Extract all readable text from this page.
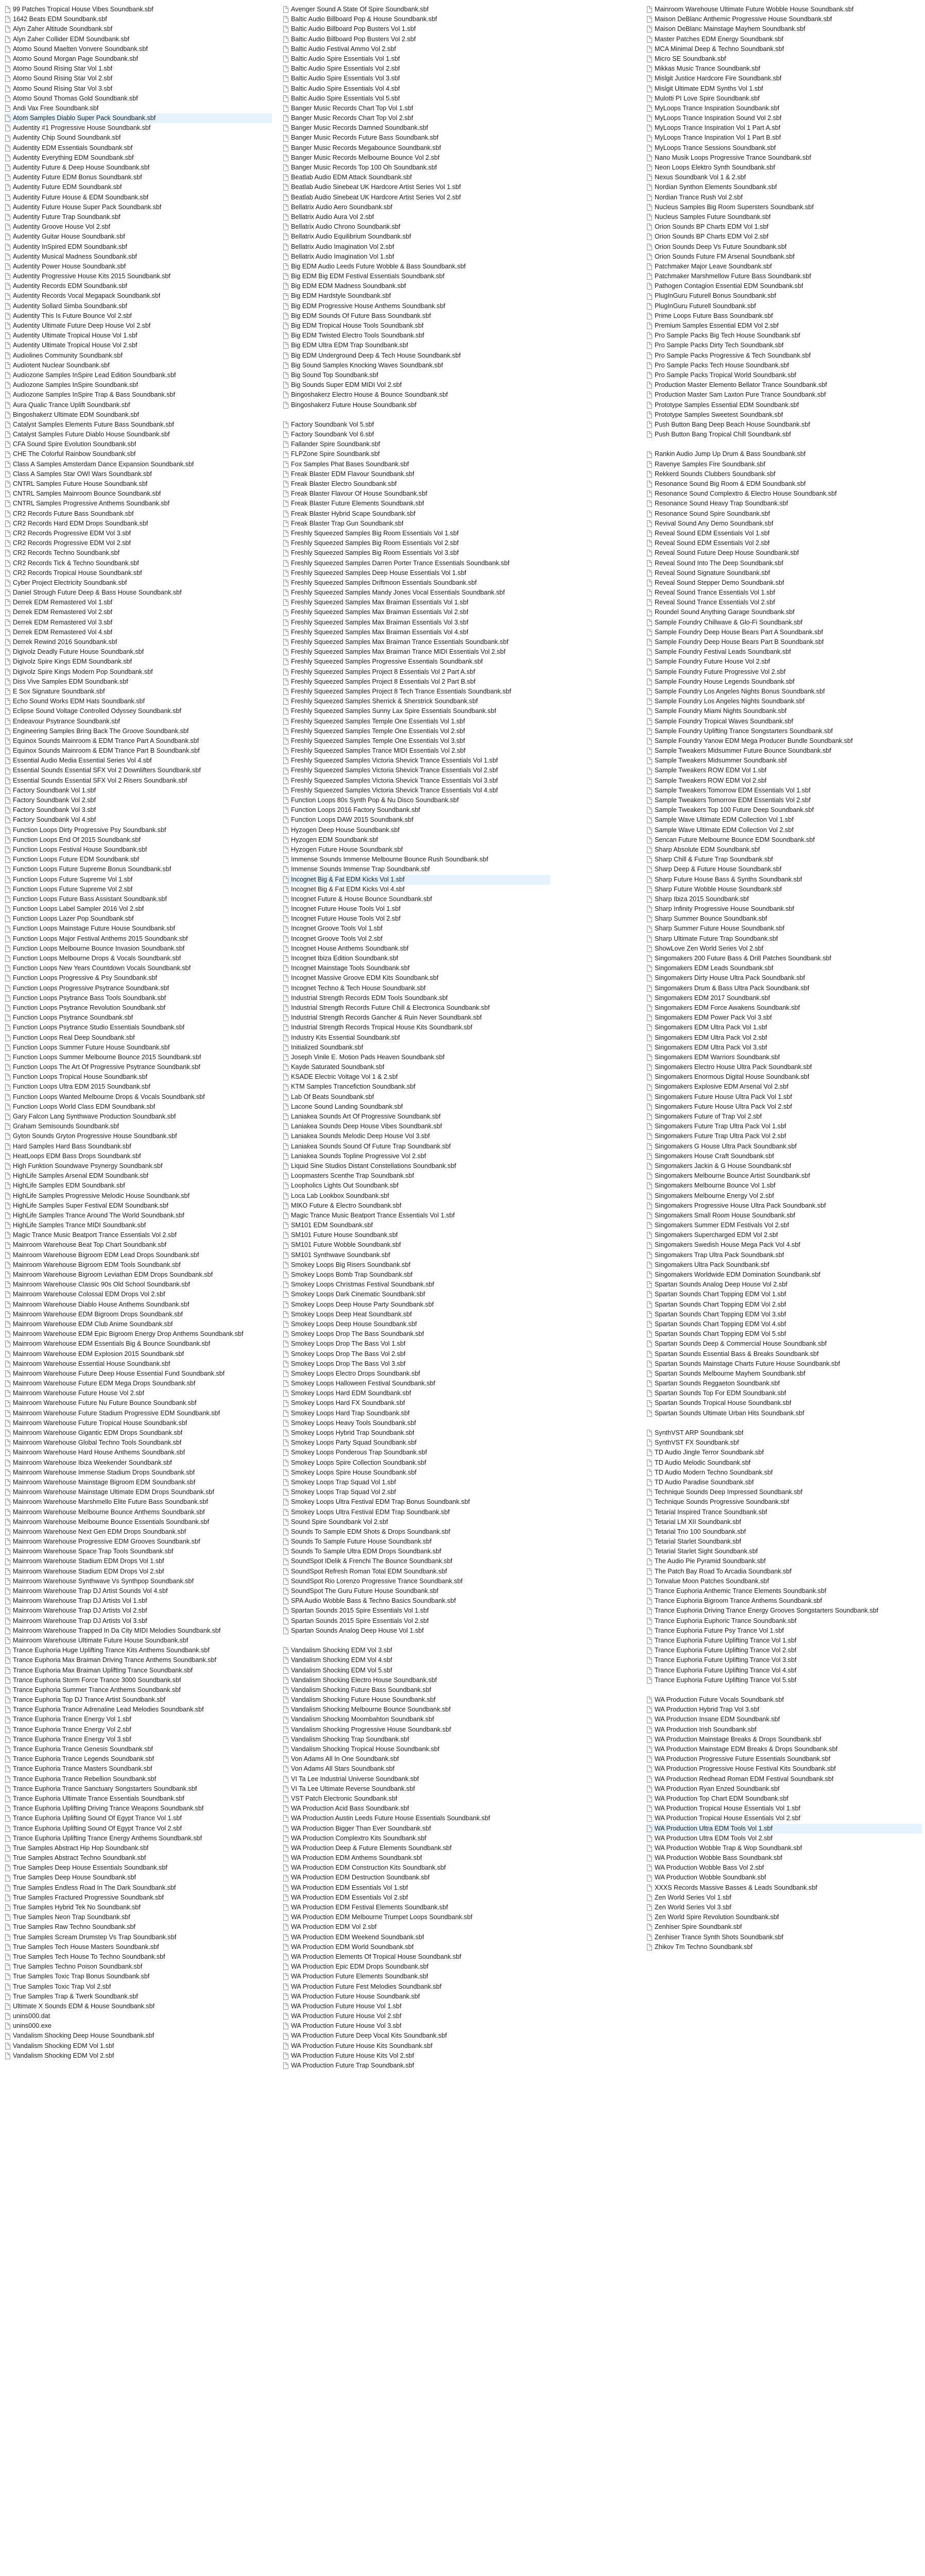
99 Patches Tropical House Vibes Soundbank.sbf
1642 Beats EDM Soundbank.sbf
Alyn Zaher Altitude Soundbank.sbf
Alyn Zaher Collider EDM Soundbank.sbf
Atomo Sound Maelten Vonvere Soundbank.sbf
Atomo Sound Morgan Page Soundbank.sbf
Atomo Sound Rising Star Vol 1.sbf
Atomo Sound Rising Star Vol 2.sbf
Atomo Sound Rising Star Vol 3.sbf
Atomo Sound Thomas Gold Soundbank.sbf
Andi Vax Free Soundbank.sbf
Atom Samples Diablo Super Pack Soundbank.sbf
Audentity #1 Progressive House Soundbank.sbf
Audentity Chip Sound Soundbank.sbf
Audentity EDM Essentials Soundbank.sbf
Audentity Everything EDM Soundbank.sbf
Audentity Future & Deep House Soundbank.sbf
Audentity Future EDM Bonus Soundbank.sbf
Audentity Future EDM Soundbank.sbf
Audentity Future House & EDM Soundbank.sbf
Audentity Future House Super Pack Soundbank.sbf
Audentity Future Trap Soundbank.sbf
Audentity Groove House Vol 2.sbf
Audentity Guitar House Soundbank.sbf
Audentity InSpired EDM Soundbank.sbf
Audentity Musical Madness Soundbank.sbf
Audentity Power House Soundbank.sbf
Audentity Progressive House Kits 2015 Soundbank.sbf
Audentity Records EDM Soundbank.sbf
Audentity Records Vocal Megapack Soundbank.sbf
Audentity Sollard Simba Soundbank.sbf
Audentity This Is Future Bounce Vol 2.sbf
Audentity Ultimate Future Deep House Vol 2.sbf
Audentity Ultimate Tropical House Vol 1.sbf
Audentity Ultimate Tropical House Vol 2.sbf
Audiolines Community Soundbank.sbf
Audiotent Nuclear Soundbank.sbf
Audiozone Samples InSpire Lead Edition Soundbank.sbf
Audiozone Samples InSpire Soundbank.sbf
Audiozone Samples InSpire Trap & Bass Soundbank.sbf
Aura Qualic Trance Uplift Soundbank.sbf
Bingoshakerz Ultimate EDM Soundbank.sbf
Catalyst Samples Elements Future Bass Soundbank.sbf
Catalyst Samples Future Diablo House Soundbank.sbf
CFA Sound Spire Evolution Soundbank.sbf
CHE The Colorful Rainbow Soundbank.sbf
Class A Samples Amsterdam Dance Expansion Soundbank.sbf
Class A Samples Star OWI Wars Soundbank.sbf
CNTRL Samples Future House Soundbank.sbf
CNTRL Samples Mainroom Bounce Soundbank.sbf
CNTRL Samples Progressive Anthems Soundbank.sbf
CR2 Records Future Bass Soundbank.sbf
CR2 Records Hard EDM Drops Soundbank.sbf
CR2 Records Progressive EDM Vol 3.sbf
CR2 Records Progressive EDM Vol 2.sbf
CR2 Records Techno Soundbank.sbf
CR2 Records Tick & Techno Soundbank.sbf
CR2 Records Tropical House Soundbank.sbf
Cyber Project Electricity Soundbank.sbf
Daniel Strough Future Deep & Bass House Soundbank.sbf
Derrek EDM Remastered Vol 1.sbf
Derrek EDM Remastered Vol 2.sbf
Derrek EDM Remastered Vol 3.sbf
Derrek EDM Remastered Vol 4.sbf
Derrek Rewind 2016 Soundbank.sbf
Digivolz Deadly Future House Soundbank.sbf
Digivolz Spire Kings EDM Soundbank.sbf
Digivolz Spire Kings Modern Pop Soundbank.sbf
Diss Vive Samples EDM Soundbank.sbf
E Sox Signature Soundbank.sbf
Echo Sound Works EDM Hats Soundbank.sbf
Eclipse Sound Voltage Controlled Odyssey Soundbank.sbf
Endeavour Psytrance Soundbank.sbf
Engineering Samples Bring Back The Groove Soundbank.sbf
Equinox Sounds Mainroom & EDM Trance Part A Soundbank.sbf
Equinox Sounds Mainroom & EDM Trance Part B Soundbank.sbf
Essential Audio Media Essential Series Vol 4.sbf
Essential Sounds Essential SFX Vol 2 Downlifters Soundbank.sbf
Essential Sounds Essential SFX Vol 2 Risers Soundbank.sbf
Factory Soundbank Vol 1.sbf
Factory Soundbank Vol 2.sbf
Factory Soundbank Vol 3.sbf
Factory Soundbank Vol 4.sbf
Function Loops Dirty Progressive Psy Soundbank.sbf
Function Loops End Of 2015 Soundbank.sbf
Function Loops Festival House Soundbank.sbf
Function Loops Future EDM Soundbank.sbf
Function Loops Future Supreme Bonus Soundbank.sbf
Function Loops Future Supreme Vol 1.sbf
Function Loops Future Supreme Vol 2.sbf
Function Loops Future Bass Assistant Soundbank.sbf
Function Loops Label Sampler 2016 Vol 2.sbf
Function Loops Lazer Pop Soundbank.sbf
Function Loops Mainstage Future House Soundbank.sbf
Function Loops Major Festival Anthems 2015 Soundbank.sbf
Function Loops Melbourne Bounce Invasion Soundbank.sbf
Function Loops Melbourne Drops & Vocals Soundbank.sbf
Function Loops New Years Countdown Vocals Soundbank.sbf
Function Loops Progressive & Psy Soundbank.sbf
Function Loops Progressive Psytrance Soundbank.sbf
Function Loops Psytrance Bass Tools Soundbank.sbf
Function Loops Psytrance Revolution Soundbank.sbf
Function Loops Psytrance Soundbank.sbf
Function Loops Psytrance Studio Essentials Soundbank.sbf
Function Loops Real Deep Soundbank.sbf
Function Loops Summer Future House Soundbank.sbf
Function Loops Summer Melbourne Bounce 2015 Soundbank.sbf
Function Loops The Art Of Progressive Psytrance Soundbank.sbf
Function Loops Tropical House Soundbank.sbf
Function Loops Ultra EDM 2015 Soundbank.sbf
Function Loops Wanted Melbourne Drops & Vocals Soundbank.sbf
Function Loops World Class EDM Soundbank.sbf
Gary Falcon Lang Synthwave Production Soundbank.sbf
Graham Semisounds Soundbank.sbf
Gyton Sounds Gryton Progressive House Soundbank.sbf
Hard Samples Hard Bass Soundbank.sbf
HeatLoops EDM Bass Drops Soundbank.sbf
High Funktion Soundwave Psynergy Soundbank.sbf
HighLife Samples Arsenal EDM Soundbank.sbf
HighLife Samples EDM Soundbank.sbf
HighLife Samples Progressive Melodic House Soundbank.sbf
HighLife Samples Super Festival EDM Soundbank.sbf
HighLife Samples Trance Around The World Soundbank.sbf
HighLife Samples Trance MIDI Soundbank.sbf
Magic Trance Music Beatport Trance Essentials Vol 2.sbf
Mainroom Warehouse Beat Top Chart Soundbank.sbf
Mainroom Warehouse Bigroom EDM Lead Drops Soundbank.sbf
Mainroom Warehouse Bigroom EDM Tools Soundbank.sbf
Mainroom Warehouse Bigroom Leviathan EDM Drops Soundbank.sbf
Mainroom Warehouse Classic 90s Old School Soundbank.sbf
Mainroom Warehouse Colossal EDM Drops Vol 2.sbf
Mainroom Warehouse Diablo House Anthems Soundbank.sbf
Mainroom Warehouse EDM Bigroom Drops Soundbank.sbf
Mainroom Warehouse EDM Club Anime Soundbank.sbf
Mainroom Warehouse EDM Epic Bigroom Energy Drop Anthems Soundbank.sbf
Mainroom Warehouse EDM Essentials Big & Bounce Soundbank.sbf
Mainroom Warehouse EDM Explosion 2015 Soundbank.sbf
Mainroom Warehouse Essential House Soundbank.sbf
Mainroom Warehouse Future Deep House Essential Fund Soundbank.sbf
Mainroom Warehouse Future EDM Mega Drops Soundbank.sbf
Mainroom Warehouse Future House Vol 2.sbf
Mainroom Warehouse Future Nu Future Bounce Soundbank.sbf
Mainroom Warehouse Future Stadium Progressive EDM Soundbank.sbf
Mainroom Warehouse Future Tropical House Soundbank.sbf
Mainroom Warehouse Gigantic EDM Drops Soundbank.sbf
Mainroom Warehouse Global Techno Tools Soundbank.sbf
Mainroom Warehouse Hard House Anthems Soundbank.sbf
Mainroom Warehouse Ibiza Weekender Soundbank.sbf
Mainroom Warehouse Immense Stadium Drops Soundbank.sbf
Mainroom Warehouse Mainstage Bigroom EDM Soundbank.sbf
Mainroom Warehouse Mainstage Ultimate EDM Drops Soundbank.sbf
Mainroom Warehouse Marshmello Elite Future Bass Soundbank.sbf
Mainroom Warehouse Melbourne Bounce Anthems Soundbank.sbf
Mainroom Warehouse Melbourne Bounce Essentials Soundbank.sbf
Mainroom Warehouse Next Gen EDM Drops Soundbank.sbf
Mainroom Warehouse Progressive EDM Grooves Soundbank.sbf
Mainroom Warehouse Space Trap Tools Soundbank.sbf
Mainroom Warehouse Stadium EDM Drops Vol 1.sbf
Mainroom Warehouse Stadium EDM Drops Vol 2.sbf
Mainroom Warehouse Synthwave Vs Synthpop Soundbank.sbf
Mainroom Warehouse Trap DJ Artist Sounds Vol 4.sbf
Mainroom Warehouse Trap DJ Artists Vol 1.sbf
Mainroom Warehouse Trap DJ Artists Vol 2.sbf
Mainroom Warehouse Trap DJ Artists Vol 3.sbf
Mainroom Warehouse Trapped In Da City MIDI Melodies Soundbank.sbf
Mainroom Warehouse Ultimate Future House Soundbank.sbf
Trance Euphoria Huge Uplifting Trance Kits Anthems Soundbank.sbf
Trance Euphoria Max Braiman Driving Trance Anthems Soundbank.sbf
Trance Euphoria Max Braiman Uplifting Trance Soundbank.sbf
Trance Euphoria Storm Force Trance 3000 Soundbank.sbf
Trance Euphoria Summer Trance Anthems Soundbank.sbf
Trance Euphoria Top DJ Trance Artist Soundbank.sbf
Trance Euphoria Trance Adrenaline Lead Melodies Soundbank.sbf
Trance Euphoria Trance Energy Vol 1.sbf
Trance Euphoria Trance Energy Vol 2.sbf
Trance Euphoria Trance Energy Vol 3.sbf
Trance Euphoria Trance Genesis Soundbank.sbf
Trance Euphoria Trance Legends Soundbank.sbf
Trance Euphoria Trance Masters Soundbank.sbf
Trance Euphoria Trance Rebellion Soundbank.sbf
Trance Euphoria Trance Sanctuary Songstarters Soundbank.sbf
Trance Euphoria Ultimate Trance Essentials Soundbank.sbf
Trance Euphoria Uplifting Driving Trance Weapons Soundbank.sbf
Trance Euphoria Uplifting Sound Of Egypt Trance Vol 1.sbf
Trance Euphoria Uplifting Sound Of Egypt Trance Vol 2.sbf
Trance Euphoria Uplifting Trance Energy Anthems Soundbank.sbf
True Samples Abstract Hip Hop Soundbank.sbf
True Samples Abstract Techno Soundbank.sbf
True Samples Deep House Essentials Soundbank.sbf
True Samples Deep House Soundbank.sbf
True Samples Endless Road In The Dark Soundbank.sbf
True Samples Fractured Progressive Soundbank.sbf
True Samples Hybrid Tek No Soundbank.sbf
True Samples Neon Trap Soundbank.sbf
True Samples Raw Techno Soundbank.sbf
True Samples Scream Drumstep Vs Trap Soundbank.sbf
True Samples Tech House Masters Soundbank.sbf
True Samples Tech House To Techno Soundbank.sbf
True Samples Techno Poison Soundbank.sbf
True Samples Toxic Trap Bonus Soundbank.sbf
True Samples Toxic Trap Vol 2.sbf
True Samples Trap & Twerk Soundbank.sbf
Ultimate X Sounds EDM & House Soundbank.sbf
unins000.dat
unins000.exe
Vandalism Shocking Deep House Soundbank.sbf
Vandalism Shocking EDM Vol 1.sbf
Vandalism Shocking EDM Vol 2.sbf
Avenger Sound A State Of Spire Soundbank.sbf
Baltic Audio Billboard Pop & House Soundbank.sbf
Baltic Audio Billboard Pop Busters Vol 1.sbf
Baltic Audio Billboard Pop Busters Vol 2.sbf
Baltic Audio Festival Ammo Vol 2.sbf
Baltic Audio Spire Essentials Vol 1.sbf
Baltic Audio Spire Essentials Vol 2.sbf
Baltic Audio Spire Essentials Vol 3.sbf
Baltic Audio Spire Essentials Vol 4.sbf
Baltic Audio Spire Essentials Vol 5.sbf
Banger Music Records Chart Top Vol 1.sbf
Banger Music Records Chart Top Vol 2.sbf
Banger Music Records Damned Soundbank.sbf
Banger Music Records Future Bass Soundbank.sbf
Banger Music Records Megabounce Soundbank.sbf
Banger Music Records Melbourne Bounce Vol 2.sbf
Banger Music Records Top 100 Oh Soundbank.sbf
Beatlab Audio EDM Attack Soundbank.sbf
Beatlab Audio Sinebeat UK Hardcore Artist Series Vol 1.sbf
Beatlab Audio Sinebeat UK Hardcore Artist Series Vol 2.sbf
Bellatrix Audio Aero Soundbank.sbf
Bellatrix Audio Aura Vol 2.sbf
Bellatrix Audio Chrono Soundbank.sbf
Bellatrix Audio Equilibrium Soundbank.sbf
Bellatrix Audio Imagination Vol 2.sbf
Bellatrix Audio Imagination Vol 1.sbf
Big EDM Audio Leeds Future Wobble & Bass Soundbank.sbf
Big EDM Big EDM Festival Essentials Soundbank.sbf
Big EDM EDM Madness Soundbank.sbf
Big EDM Hardstyle Soundbank.sbf
Big EDM Progressive House Anthems Soundbank.sbf
Big EDM Sounds Of Future Bass Soundbank.sbf
Big EDM Tropical House Tools Soundbank.sbf
Big EDM Twisted Electro Tools Soundbank.sbf
Big EDM Ultra EDM Trap Soundbank.sbf
Big EDM Underground Deep & Tech House Soundbank.sbf
Big Sound Samples Knocking Waves Soundbank.sbf
Big Sound Top Soundbank.sbf
Big Sounds Super EDM MIDI Vol 2.sbf
Bingoshakerz Electro House & Bounce Soundbank.sbf
Bingoshakerz Future House Soundbank.sbf
Factory Soundbank Vol 5.sbf
Factory Soundbank Vol 6.sbf
Fallander Spire Soundbank.sbf
FLPZone Spire Soundbank.sbf
Fox Samples Phat Bases Soundbank.sbf
Freak Blaster EDM Flavour Soundbank.sbf
Freak Blaster Electro Soundbank.sbf
Freak Blaster Flavour Of House Soundbank.sbf
Freak Blaster Future Elements Soundbank.sbf
Freak Blaster Hybrid Scape Soundbank.sbf
Freak Blaster Trap Gun Soundbank.sbf
Freshly Squeezed Samples Big Room Essentials Vol 1.sbf
Freshly Squeezed Samples Big Room Essentials Vol 2.sbf
Freshly Squeezed Samples Big Room Essentials Vol 3.sbf
Freshly Squeezed Samples Darren Porter Trance Essentials Soundbank.sbf
Freshly Squeezed Samples Deep House Essentials Vol 1.sbf
Freshly Squeezed Samples Driftmoon Essentials Soundbank.sbf
Freshly Squeezed Samples Mandy Jones Vocal Essentials Soundbank.sbf
Freshly Squeezed Samples Max Braiman Essentials Vol 1.sbf
Freshly Squeezed Samples Max Braiman Essentials Vol 2.sbf
Freshly Squeezed Samples Max Braiman Essentials Vol 3.sbf
Freshly Squeezed Samples Max Braiman Essentials Vol 4.sbf
Freshly Squeezed Samples Max Braiman Trance Essentials Soundbank.sbf
Freshly Squeezed Samples Max Braiman Trance MIDI Essentials Vol 2.sbf
Freshly Squeezed Samples Progressive Essentials Soundbank.sbf
Freshly Squeezed Samples Project 8 Essentials Vol 2 Part A.sbf
Freshly Squeezed Samples Project 8 Essentials Vol 2 Part B.sbf
Freshly Squeezed Samples Project 8 Tech Trance Essentials Soundbank.sbf
Freshly Squeezed Samples Sherrick & Sherstrick Soundbank.sbf
Freshly Squeezed Samples Sunny Lax Spire Essentials Soundbank.sbf
Freshly Squeezed Samples Temple One Essentials Vol 1.sbf
Freshly Squeezed Samples Temple One Essentials Vol 2.sbf
Freshly Squeezed Samples Temple One Essentials Vol 3.sbf
Freshly Squeezed Samples Trance MIDI Essentials Vol 2.sbf
Freshly Squeezed Samples Victoria Shevick Trance Essentials Vol 1.sbf
Freshly Squeezed Samples Victoria Shevick Trance Essentials Vol 2.sbf
Freshly Squeezed Samples Victoria Shevick Trance Essentials Vol 3.sbf
Freshly Squeezed Samples Victoria Shevick Trance Essentials Vol 4.sbf
Function Loops 80s Synth Pop & Nu Disco Soundbank.sbf
Function Loops 2016 Factory Soundbank.sbf
Function Loops DAW 2015 Soundbank.sbf
Hyzogen Deep House Soundbank.sbf
Hyzogen EDM Soundbank.sbf
Hyzogen Future House Soundbank.sbf
Immense Sounds Immense Melbourne Bounce Rush Soundbank.sbf
Immense Sounds Immense Trap Soundbank.sbf
Incognet Big & Fat EDM Kicks Vol 1.sbf
Incognet Big & Fat EDM Kicks Vol 4.sbf
Incognet Future & House Bounce Soundbank.sbf
Incognet Future House Tools Vol 1.sbf
Incognet Future House Tools Vol 2.sbf
Incognet Groove Tools Vol 1.sbf
Incognet Groove Tools Vol 2.sbf
Incognet House Anthems Soundbank.sbf
Incognet Ibiza Edition Soundbank.sbf
Incognet Mainstage Tools Soundbank.sbf
Incognet Massive Groove EDM Kits Soundbank.sbf
Incognet Techno & Tech House Soundbank.sbf
Industrial Strength Records EDM Tools Soundbank.sbf
Industrial Strength Records Future Chill & Electronica Soundbank.sbf
Industrial Strength Records Gancher & Ruin Never Soundbank.sbf
Industrial Strength Records Tropical House Kits Soundbank.sbf
Industry Kits Essential Soundbank.sbf
Initialized Soundbank.sbf
Joseph Vinile E. Motion Pads Heaven Soundbank.sbf
Kayde Saturated Soundbank.sbf
KSADE Electric Voltage Vol 1 & 2.sbf
KTM Samples Trancefiction Soundbank.sbf
Lab Of Beats Soundbank.sbf
Lacone Sound Landing Soundbank.sbf
Laniakea Sounds Art Of Progressive Soundbank.sbf
Laniakea Sounds Deep House Vibes Soundbank.sbf
Laniakea Sounds Melodic Deep House Vol 3.sbf
Laniakea Sounds Sound Of Future Trap Soundbank.sbf
Laniakea Sounds Topline Progressive Vol 2.sbf
Liquid Sine Studios Distant Constellations Soundbank.sbf
Loopmasters Scenthe Trap Soundbank.sbf
Loopholics Lights Out Soundbank.sbf
Loca Lab Lookbox Soundbank.sbf
MIKO Future & Electro Soundbank.sbf
Magic Trance Music Beatport Trance Essentials Vol 1.sbf
SM101 EDM Soundbank.sbf
SM101 Future House Soundbank.sbf
SM101 Future Wobble Soundbank.sbf
SM101 Synthwave Soundbank.sbf
Smokey Loops Big Risers Soundbank.sbf
Smokey Loops Bomb Trap Soundbank.sbf
Smokey Loops Christmas Festival Soundbank.sbf
Smokey Loops Dark Cinematic Soundbank.sbf
Smokey Loops Deep House Party Soundbank.sbf
Smokey Loops Deep Heat Soundbank.sbf
Smokey Loops Deep House Soundbank.sbf
Smokey Loops Drop The Bass Soundbank.sbf
Smokey Loops Drop The Bass Vol 1.sbf
Smokey Loops Drop The Bass Vol 2.sbf
Smokey Loops Drop The Bass Vol 3.sbf
Smokey Loops Electro Drops Soundbank.sbf
Smokey Loops Halloween Festival Soundbank.sbf
Smokey Loops Hard EDM Soundbank.sbf
Smokey Loops Hard FX Soundbank.sbf
Smokey Loops Hard Trap Soundbank.sbf
Smokey Loops Heavy Tools Soundbank.sbf
Smokey Loops Hybrid Trap Soundbank.sbf
Smokey Loops Party Squad Soundbank.sbf
Smokey Loops Ponderous Trap Soundbank.sbf
Smokey Loops Spire Collection Soundbank.sbf
Smokey Loops Spire House Soundbank.sbf
Smokey Loops Trap Squad Vol 1.sbf
Smokey Loops Trap Squad Vol 2.sbf
Smokey Loops Ultra Festival EDM Trap Bonus Soundbank.sbf
Smokey Loops Ultra Festival EDM Trap Soundbank.sbf
Sound Spire Soundbank Vol 2.sbf
Sounds To Sample EDM Shots & Drops Soundbank.sbf
Sounds To Sample Future House Soundbank.sbf
Sounds To Sample Ultra EDM Drops Soundbank.sbf
SoundSpot IDelik & Frenchi The Bounce Soundbank.sbf
SoundSpot Refresh Roman Total EDM Soundbank.sbf
SoundSpot Rio Lorenzo Progressive Trance Soundbank.sbf
SoundSpot The Guru Future House Soundbank.sbf
SPA Audio Wobble Bass & Techno Basics Soundbank.sbf
Spartan Sounds 2015 Spire Essentials Vol 1.sbf
Spartan Sounds 2015 Spire Essentials Vol 2.sbf
Spartan Sounds Analog Deep House Vol 1.sbf
Vandalism Shocking EDM Vol 3.sbf
Vandalism Shocking EDM Vol 4.sbf
Vandalism Shocking EDM Vol 5.sbf
Vandalism Shocking Electro House Soundbank.sbf
Vandalism Shocking Future Bass Soundbank.sbf
Vandalism Shocking Future House Soundbank.sbf
Vandalism Shocking Melbourne Bounce Soundbank.sbf
Vandalism Shocking Moombahton Soundbank.sbf
Vandalism Shocking Progressive House Soundbank.sbf
Vandalism Shocking Trap Soundbank.sbf
Vandalism Shocking Tropical House Soundbank.sbf
Von Adams All In One Soundbank.sbf
Von Adams All Stars Soundbank.sbf
VI Ta Lee Industrial Universe Soundbank.sbf
VI Ta Lee Ultimate Reverse Soundbank.sbf
VST Patch Electronic Soundbank.sbf
WA Production Acid Bass Soundbank.sbf
WA Production Austin Leeds Future House Essentials Soundbank.sbf
WA Production Bigger Than Ever Soundbank.sbf
WA Production Complextro Kits Soundbank.sbf
WA Production Deep & Future Elements Soundbank.sbf
WA Production EDM Anthems Soundbank.sbf
WA Production EDM Construction Kits Soundbank.sbf
WA Production EDM Destruction Soundbank.sbf
WA Production EDM Essentials Vol 1.sbf
WA Production EDM Essentials Vol 2.sbf
WA Production EDM Festival Elements Soundbank.sbf
WA Production EDM Melbourne Trumpet Loops Soundbank.sbf
WA Production EDM Vol 2.sbf
WA Production EDM Weekend Soundbank.sbf
WA Production EDM World Soundbank.sbf
WA Production Elements Of Tropical House Soundbank.sbf
WA Production Epic EDM Drops Soundbank.sbf
WA Production Future Elements Soundbank.sbf
WA Production Future Fest Melodies Soundbank.sbf
WA Production Future House Soundbank.sbf
WA Production Future House Vol 1.sbf
WA Production Future House Vol 2.sbf
WA Production Future House Vol 3.sbf
WA Production Future Deep Vocal Kits Soundbank.sbf
WA Production Future House Kits Soundbank.sbf
WA Production Future House Kits Vol 2.sbf
WA Production Future Trap Soundbank.sbf
Mainroom Warehouse Ultimate Future Wobble House Soundbank.sbf
Maison DeBlanc Anthemic Progressive House Soundbank.sbf
Maison DeBlanc Mainstage Mayhem Soundbank.sbf
Master Patches EDM Energy Soundbank.sbf
MCA Minimal Deep & Techno Soundbank.sbf
Micro SE Soundbank.sbf
Mikkas Music Trance Soundbank.sbf
Mislgit Justice Hardcore Fire Soundbank.sbf
Mislgit Ultimate EDM Synths Vol 1.sbf
Mulotti PI Love Spire Soundbank.sbf
MyLoops Trance Inspiration Soundbank.sbf
MyLoops Trance Inspiration Sound Vol 2.sbf
MyLoops Trance Inspiration Vol 1 Part A.sbf
MyLoops Trance Inspiration Vol 1 Part B.sbf
MyLoops Trance Sessions Soundbank.sbf
Nano Musik Loops Progressive Trance Soundbank.sbf
Neon Loops Elektro Synth Soundbank.sbf
Nexus Soundbank Vol 1 & 2.sbf
Nordian Synthon Elements Soundbank.sbf
Nordian Trance Rush Vol 2.sbf
Nucleus Samples Big Room Supersters Soundbank.sbf
Nucleus Samples Future Soundbank.sbf
Orion Sounds BP Charts EDM Vol 1.sbf
Orion Sounds BP Charts EDM Vol 2.sbf
Orion Sounds Deep Vs Future Soundbank.sbf
Orion Sounds Future FM Arsenal Soundbank.sbf
Patchmaker Major Leave Soundbank.sbf
Patchmaker Marshmellow Future Bass Soundbank.sbf
Pathogen Contagion Essential EDM Soundbank.sbf
PlugInGuru Futurell Bonus Soundbank.sbf
PlugInGuru Futurell Soundbank.sbf
Prime Loops Future Bass Soundbank.sbf
Premium Samples Essential EDM Vol 2.sbf
Pro Sample Packs Big Tech House Soundbank.sbf
Pro Sample Packs Dirty Tech Soundbank.sbf
Pro Sample Packs Progressive & Tech Soundbank.sbf
Pro Sample Packs Tech House Soundbank.sbf
Pro Sample Packs Tropical World Soundbank.sbf
Production Master Elemento Bellator Trance Soundbank.sbf
Production Master Sam Laxton Pure Trance Soundbank.sbf
Prototype Samples Essential EDM Soundbank.sbf
Prototype Samples Sweetest Soundbank.sbf
Push Button Bang Deep Beach House Soundbank.sbf
Push Button Bang Tropical Chill Soundbank.sbf
Rankin Audio Jump Up Drum & Bass Soundbank.sbf
Ravenye Samples Fire Soundbank.sbf
Rekkerd Sounds Clubbers Soundbank.sbf
Resonance Sound Big Room & EDM Soundbank.sbf
Resonance Sound Complextro & Electro House Soundbank.sbf
Resonance Sound Heavy Trap Soundbank.sbf
Resonance Sound Spire Soundbank.sbf
Revival Sound Any Demo Soundbank.sbf
Reveal Sound EDM Essentials Vol 1.sbf
Reveal Sound EDM Essentials Vol 2.sbf
Reveal Sound Future Deep House Soundbank.sbf
Reveal Sound Into The Deep Soundbank.sbf
Reveal Sound Signature Soundbank.sbf
Reveal Sound Stepper Demo Soundbank.sbf
Reveal Sound Trance Essentials Vol 1.sbf
Reveal Sound Trance Essentials Vol 2.sbf
Roundel Sound Anything Garage Soundbank.sbf
Sample Foundry Chillwave & Glo-Fi Soundbank.sbf
Sample Foundry Deep House Bears Part A Soundbank.sbf
Sample Foundry Deep House Bears Part B Soundbank.sbf
Sample Foundry Festival Leads Soundbank.sbf
Sample Foundry Future House Vol 2.sbf
Sample Foundry Future Progressive Vol 2.sbf
Sample Foundry House Legends Soundbank.sbf
Sample Foundry Los Angeles Nights Bonus Soundbank.sbf
Sample Foundry Los Angeles Nights Soundbank.sbf
Sample Foundry Miami Nights Soundbank.sbf
Sample Foundry Tropical Waves Soundbank.sbf
Sample Foundry Uplifting Trance Songstarters Soundbank.sbf
Sample Foundry Yanow EDM Mega Producer Bundle Soundbank.sbf
Sample Tweakers Midsummer Future Bounce Soundbank.sbf
Sample Tweakers Midsummer Soundbank.sbf
Sample Tweakers ROW EDM Vol 1.sbf
Sample Tweakers ROW EDM Vol 2.sbf
Sample Tweakers Tomorrow EDM Essentials Vol 1.sbf
Sample Tweakers Tomorrow EDM Essentials Vol 2.sbf
Sample Tweakers Top 100 Future Deep Soundbank.sbf
Sample Wave Ultimate EDM Collection Vol 1.sbf
Sample Wave Ultimate EDM Collection Vol 2.sbf
Sencan Future Melbourne Bounce EDM Soundbank.sbf
Sharp Absolute EDM Soundbank.sbf
Sharp Chill & Future Trap Soundbank.sbf
Sharp Deep & Future House Soundbank.sbf
Sharp Future House Bass & Synths Soundbank.sbf
Sharp Future Wobble House Soundbank.sbf
Sharp Ibiza 2015 Soundbank.sbf
Sharp Infinity Progressive House Soundbank.sbf
Sharp Summer Bounce Soundbank.sbf
Sharp Summer Future House Soundbank.sbf
Sharp Ultimate Future Trap Soundbank.sbf
ShowLove Zen World Series Vol 2.sbf
Singomakers 200 Future Bass & Drill Patches Soundbank.sbf
Singomakers EDM Leads Soundbank.sbf
Singomakers Dirty House Ultra Pack Soundbank.sbf
Singomakers Drum & Bass Ultra Pack Soundbank.sbf
Singomakers EDM 2017 Soundbank.sbf
Singomakers EDM Force Awakens Soundbank.sbf
Singomakers EDM Power Pack Vol 3.sbf
Singomakers EDM Ultra Pack Vol 1.sbf
Singomakers EDM Ultra Pack Vol 2.sbf
Singomakers EDM Ultra Pack Vol 3.sbf
Singomakers EDM Warriors Soundbank.sbf
Singomakers Electro House Ultra Pack Soundbank.sbf
Singomakers Enormous Digital House Soundbank.sbf
Singomakers Explosive EDM Arsenal Vol 2.sbf
Singomakers Future House Ultra Pack Vol 1.sbf
Singomakers Future House Ultra Pack Vol 2.sbf
Singomakers Future of Trap Vol 2.sbf
Singomakers Future Trap Ultra Pack Vol 1.sbf
Singomakers Future Trap Ultra Pack Vol 2.sbf
Singomakers G House Ultra Pack Soundbank.sbf
Singomakers House Craft Soundbank.sbf
Singomakers Jackin & G House Soundbank.sbf
Singomakers Melbourne Bounce Artist Soundbank.sbf
Singomakers Melbourne Bounce Vol 1.sbf
Singomakers Melbourne Energy Vol 2.sbf
Singomakers Progressive House Ultra Pack Soundbank.sbf
Singomakers Small Room House Soundbank.sbf
Singomakers Summer EDM Festivals Vol 2.sbf
Singomakers Supercharged EDM Vol 2.sbf
Singomakers Swedish House Mega Pack Vol 4.sbf
Singomakers Trap Ultra Pack Soundbank.sbf
Singomakers Ultra Pack Soundbank.sbf
Singomakers Worldwide EDM Domination Soundbank.sbf
Spartan Sounds Analog Deep House Vol 2.sbf
Spartan Sounds Chart Topping EDM Vol 1.sbf
Spartan Sounds Chart Topping EDM Vol 2.sbf
Spartan Sounds Chart Topping EDM Vol 3.sbf
Spartan Sounds Chart Topping EDM Vol 4.sbf
Spartan Sounds Chart Topping EDM Vol 5.sbf
Spartan Sounds Deep & Commercial House Soundbank.sbf
Spartan Sounds Essential Bass & Breaks Soundbank.sbf
Spartan Sounds Mainstage Charts Future House Soundbank.sbf
Spartan Sounds Melbourne Mayhem Soundbank.sbf
Spartan Sounds Reggaeton Soundbank.sbf
Spartan Sounds Top For EDM Soundbank.sbf
Spartan Sounds Tropical House Soundbank.sbf
Spartan Sounds Ultimate Urban Hits Soundbank.sbf
SynthVST ARP Soundbank.sbf
SynthVST FX Soundbank.sbf
TD Audio Jingle Terror Soundbank.sbf
TD Audio Melodic Soundbank.sbf
TD Audio Modern Techno Soundbank.sbf
TD Audio Paradise Soundbank.sbf
Technique Sounds Deep Impressed Soundbank.sbf
Technique Sounds Progressive Soundbank.sbf
Tetarial Inspired Trance Soundbank.sbf
Tetarial LM XII Soundbank.sbf
Tetarial Trio 100 Soundbank.sbf
Tetarial Starlet Soundbank.sbf
Tetarial Starlet Sight Soundbank.sbf
The Audio Pie Pyramid Soundbank.sbf
The Patch Bay Road To Arcadia Soundbank.sbf
Tonvalue Moon Patches Soundbank.sbf
Trance Euphoria Anthemic Trance Elements Soundbank.sbf
Trance Euphoria Bigroom Trance Anthems Soundbank.sbf
Trance Euphoria Driving Trance Energy Grooves Songstarters Soundbank.sbf
Trance Euphoria Euphoric Trance Soundbank.sbf
Trance Euphoria Future Psy Trance Vol 1.sbf
Trance Euphoria Future Uplifting Trance Vol 1.sbf
Trance Euphoria Future Uplifting Trance Vol 2.sbf
Trance Euphoria Future Uplifting Trance Vol 3.sbf
Trance Euphoria Future Uplifting Trance Vol 4.sbf
Trance Euphoria Future Uplifting Trance Vol 5.sbf
WA Production Future Vocals Soundbank.sbf
WA Production Hybrid Trap Vol 3.sbf
WA Production Insane EDM Soundbank.sbf
WA Production Irish Soundbank.sbf
WA Production Mainstage Breaks & Drops Soundbank.sbf
WA Production Mainstage EDM Breaks & Drops Soundbank.sbf
WA Production Progressive Future Essentials Soundbank.sbf
WA Production Progressive House Festival Kits Soundbank.sbf
WA Production Redhead Roman EDM Festival Soundbank.sbf
WA Production Ryan Enzed Soundbank.sbf
WA Production Top Chart EDM Soundbank.sbf
WA Production Tropical House Essentials Vol 1.sbf
WA Production Tropical House Essentials Vol 2.sbf
WA Production Ultra EDM Tools Vol 1.sbf
WA Production Ultra EDM Tools Vol 2.sbf
WA Production Wobble Trap & Wop Soundbank.sbf
WA Production Wobble Bass Soundbank.sbf
WA Production Wobble Bass Vol 2.sbf
WA Production Wobble Soundbank.sbf
XXXS Records Massive Basses & Leads Soundbank.sbf
Zen World Series Vol 1.sbf
Zen World Series Vol 3.sbf
Zen World Spire Revolution Soundbank.sbf
Zenhiser Spire Soundbank.sbf
Zenhiser Trance Synth Shots Soundbank.sbf
Zhikov Tm Techno Soundbank.sbf
